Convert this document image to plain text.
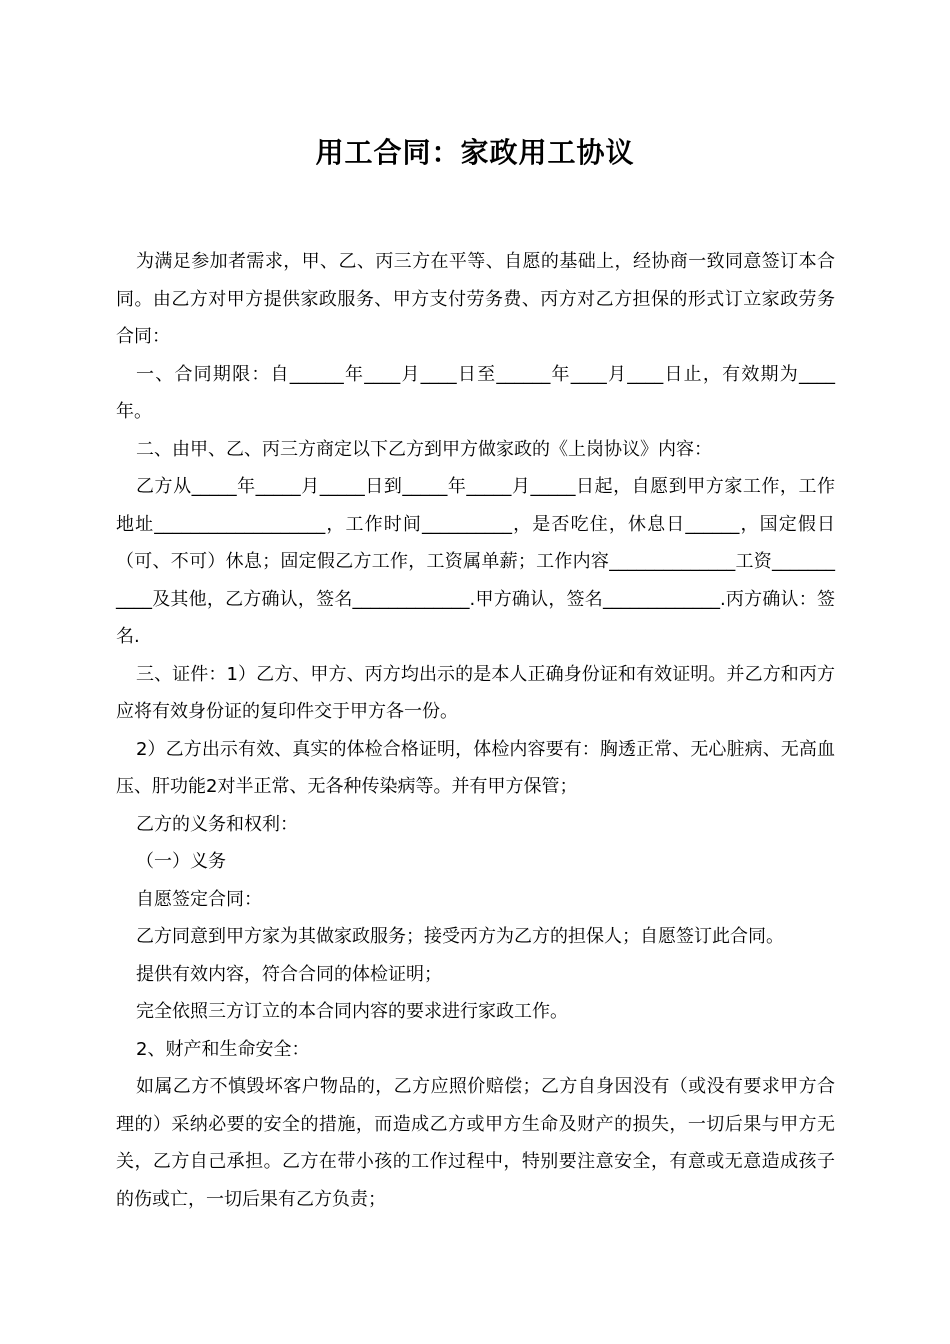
用工合同：家政用工协议

为满足参加者需求，甲、乙、丙三方在平等、自愿的基础上，经协商一致同意签订本合同。由乙方对甲方提供家政服务、甲方支付劳务费、丙方对乙方担保的形式订立家政劳务合同：

一、合同期限：自______年____月____日至______年____月____日止，有效期为____年。

二、由甲、乙、丙三方商定以下乙方到甲方做家政的《上岗协议》内容：

乙方从_____年_____月_____日到_____年_____月_____日起，自愿到甲方家工作，工作地址___________________，工作时间__________，是否吃住，休息日______，国定假日（可、不可）休息；固定假乙方工作，工资属单薪；工作内容______________工资___________及其他，乙方确认，签名_____________.甲方确认，签名_____________.丙方确认：签名.

三、证件：1）乙方、甲方、丙方均出示的是本人正确身份证和有效证明。并乙方和丙方应将有效身份证的复印件交于甲方各一份。

2）乙方出示有效、真实的体检合格证明，体检内容要有：胸透正常、无心脏病、无高血压、肝功能2对半正常、无各种传染病等。并有甲方保管；

乙方的义务和权利：

（一）义务

自愿签定合同：

乙方同意到甲方家为其做家政服务；接受丙方为乙方的担保人；自愿签订此合同。

提供有效内容，符合合同的体检证明；

完全依照三方订立的本合同内容的要求进行家政工作。

2、财产和生命安全：

如属乙方不慎毁坏客户物品的，乙方应照价赔偿；乙方自身因没有（或没有要求甲方合理的）采纳必要的安全的措施，而造成乙方或甲方生命及财产的损失，一切后果与甲方无关，乙方自己承担。乙方在带小孩的工作过程中，特别要注意安全，有意或无意造成孩子的伤或亡，一切后果有乙方负责；
